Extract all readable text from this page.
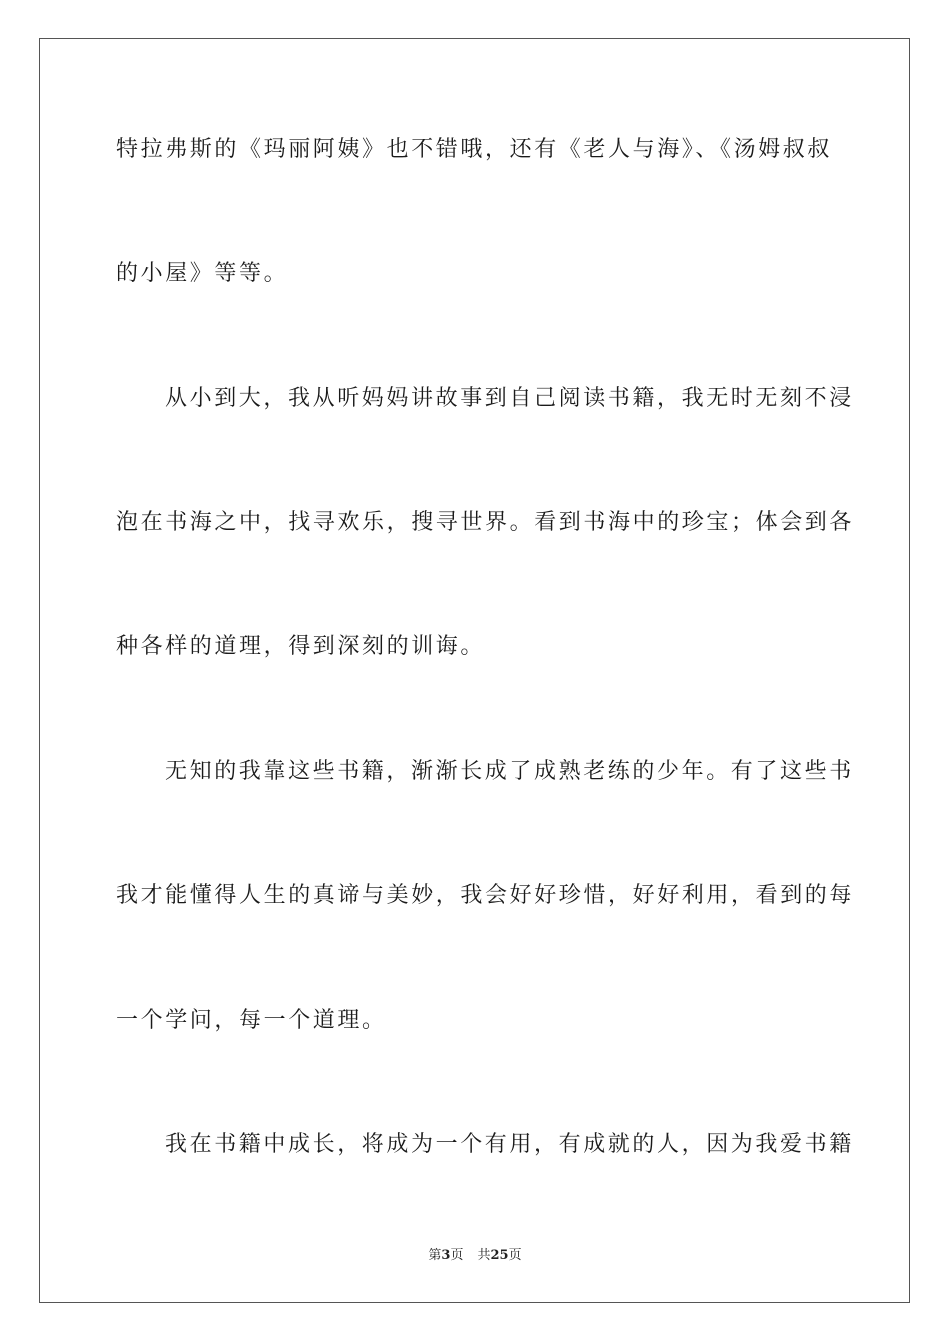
特拉弗斯的《玛丽阿姨》也不错哦，还有《老人与海》、《汤姆叔叔
的小屋》等等。
从小到大，我从听妈妈讲故事到自己阅读书籍，我无时无刻不浸
泡在书海之中，找寻欢乐，搜寻世界。看到书海中的珍宝；体会到各
种各样的道理，得到深刻的训诲。
无知的我靠这些书籍，渐渐长成了成熟老练的少年。有了这些书
我才能懂得人生的真谛与美妙，我会好好珍惜，好好利用，看到的每
一个学问，每一个道理。
我在书籍中成长，将成为一个有用，有成就的人，因为我爱书籍
第3页 共25页
